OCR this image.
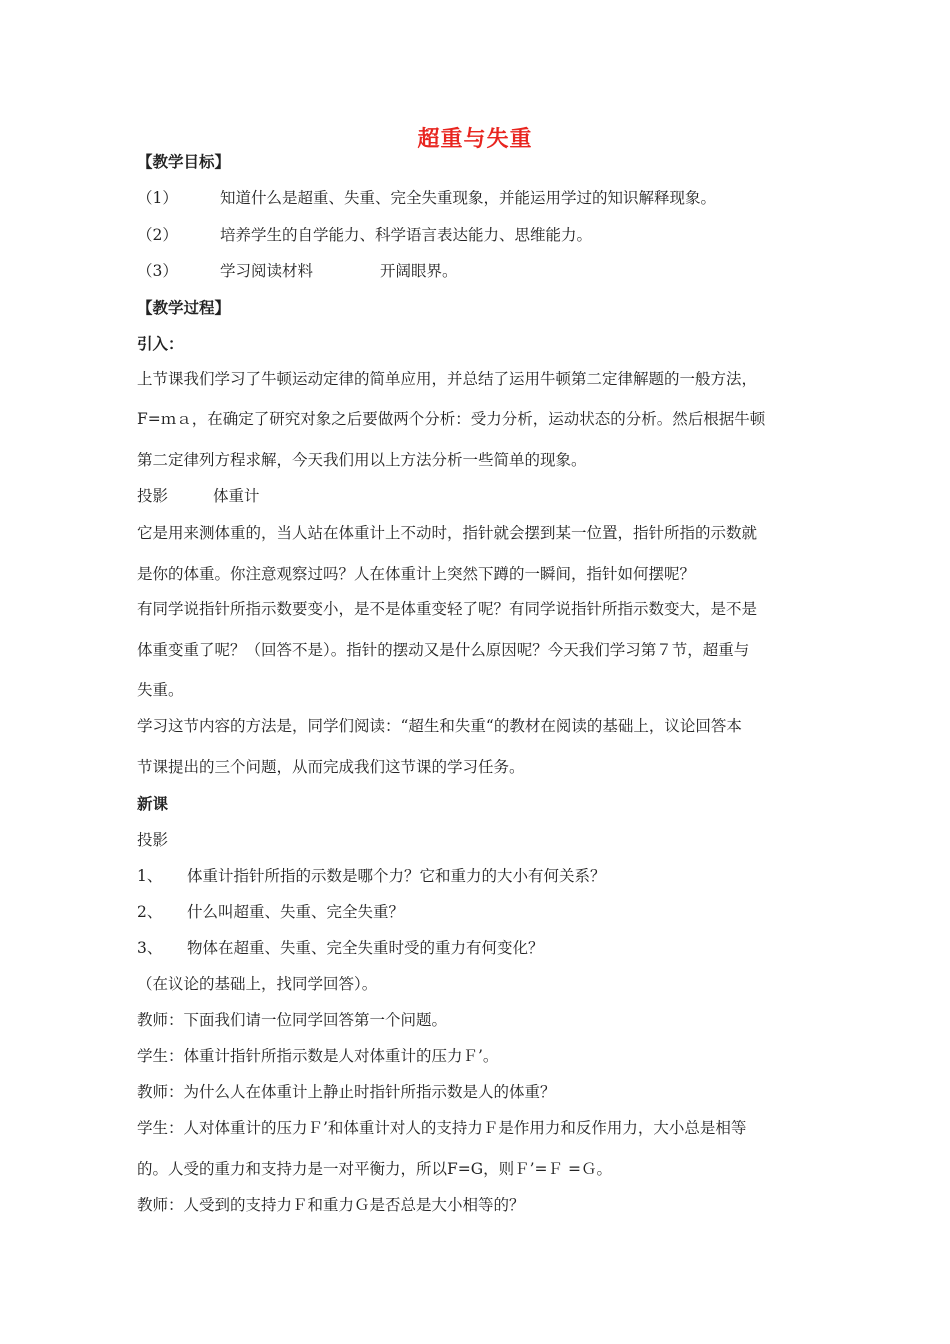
超重与失重
【教学目标】
（1）	知道什么是超重、失重、完全失重现象，并能运用学过的知识解释现象。
（2）	培养学生的自学能力、科学语言表达能力、思维能力。
（3）	学习阅读材料	开阔眼界。
【教学过程】
引入：
上节课我们学习了牛顿运动定律的简单应用，并总结了运用牛顿第二定律解题的一般方法，
F=ｍａ，在确定了研究对象之后要做两个分析：受力分析，运动状态的分析。然后根据牛顿
第二定律列方程求解，今天我们用以上方法分析一些简单的现象。
投影	体重计
它是用来测体重的，当人站在体重计上不动时，指针就会摆到某一位置，指针所指的示数就
是你的体重。你注意观察过吗？人在体重计上突然下蹲的一瞬间，指针如何摆呢？
有同学说指针所指示数要变小，是不是体重变轻了呢？有同学说指针所指示数变大，是不是
体重变重了呢？（回答不是）。指针的摆动又是什么原因呢？今天我们学习第７节，超重与
失重。
学习这节内容的方法是，同学们阅读：“超生和失重“的教材在阅读的基础上，议论回答本
节课提出的三个问题，从而完成我们这节课的学习任务。
新课
投影
1、 体重计指针所指的示数是哪个力？它和重力的大小有何关系？
2、 什么叫超重、失重、完全失重？
3、 物体在超重、失重、完全失重时受的重力有何变化？
（在议论的基础上，找同学回答）。
教师：下面我们请一位同学回答第一个问题。
学生：体重计指针所指示数是人对体重计的压力Ｆ’。
教师：为什么人在体重计上静止时指针所指示数是人的体重？
学生：人对体重计的压力Ｆ’和体重计对人的支持力Ｆ是作用力和反作用力，大小总是相等
的。人受的重力和支持力是一对平衡力，所以F=G，则Ｆ’=Ｆ =Ｇ。
教师：人受到的支持力Ｆ和重力Ｇ是否总是大小相等的？
